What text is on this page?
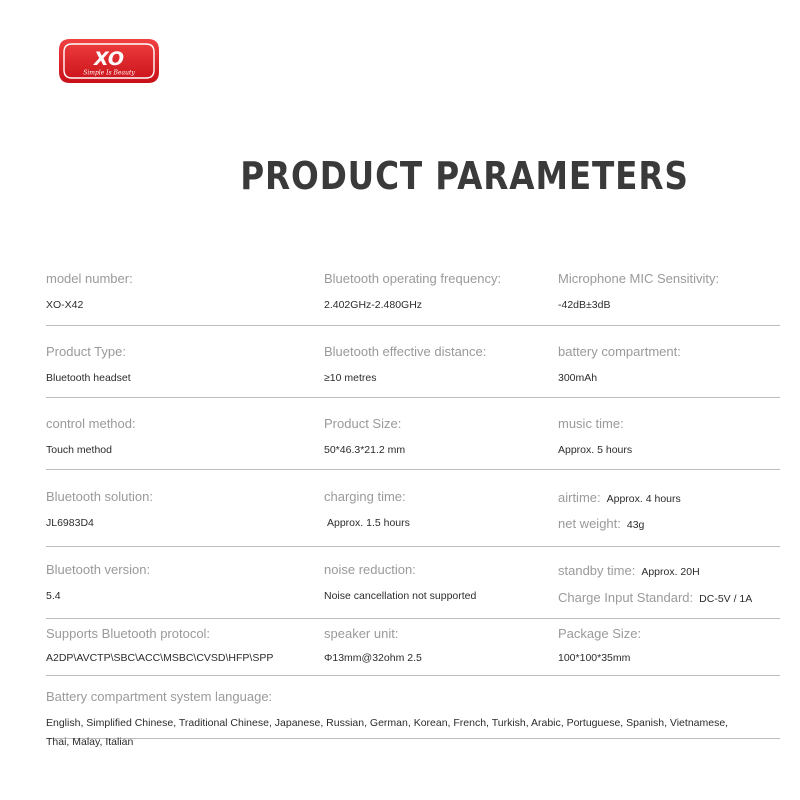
XO
Simple Is Beauty
PRODUCT PARAMETERS
model number:
XO-X42
Bluetooth operating frequency:
2.402GHz-2.480GHz
Microphone MIC Sensitivity:
-42dB±3dB
Product Type:
Bluetooth headset
Bluetooth effective distance:
≥10 metres
battery compartment:
300mAh
control method:
Touch method
Product Size:
50*46.3*21.2 mm
music time:
Approx. 5 hours
Bluetooth solution:
JL6983D4
charging time:
Approx. 1.5 hours
airtime: Approx. 4 hours
net weight: 43g
Bluetooth version:
5.4
noise reduction:
Noise cancellation not supported
standby time: Approx. 20H
Charge Input Standard: DC-5V / 1A
Supports Bluetooth protocol:
A2DP\AVCTP\SBC\ACC\MSBC\CVSD\HFP\SPP
speaker unit:
Φ13mm@32ohm 2.5
Package Size:
100*100*35mm
Battery compartment system language:
English, Simplified Chinese, Traditional Chinese, Japanese, Russian, German, Korean, French, Turkish, Arabic, Portuguese, Spanish, Vietnamese, Thai, Malay, Italian
